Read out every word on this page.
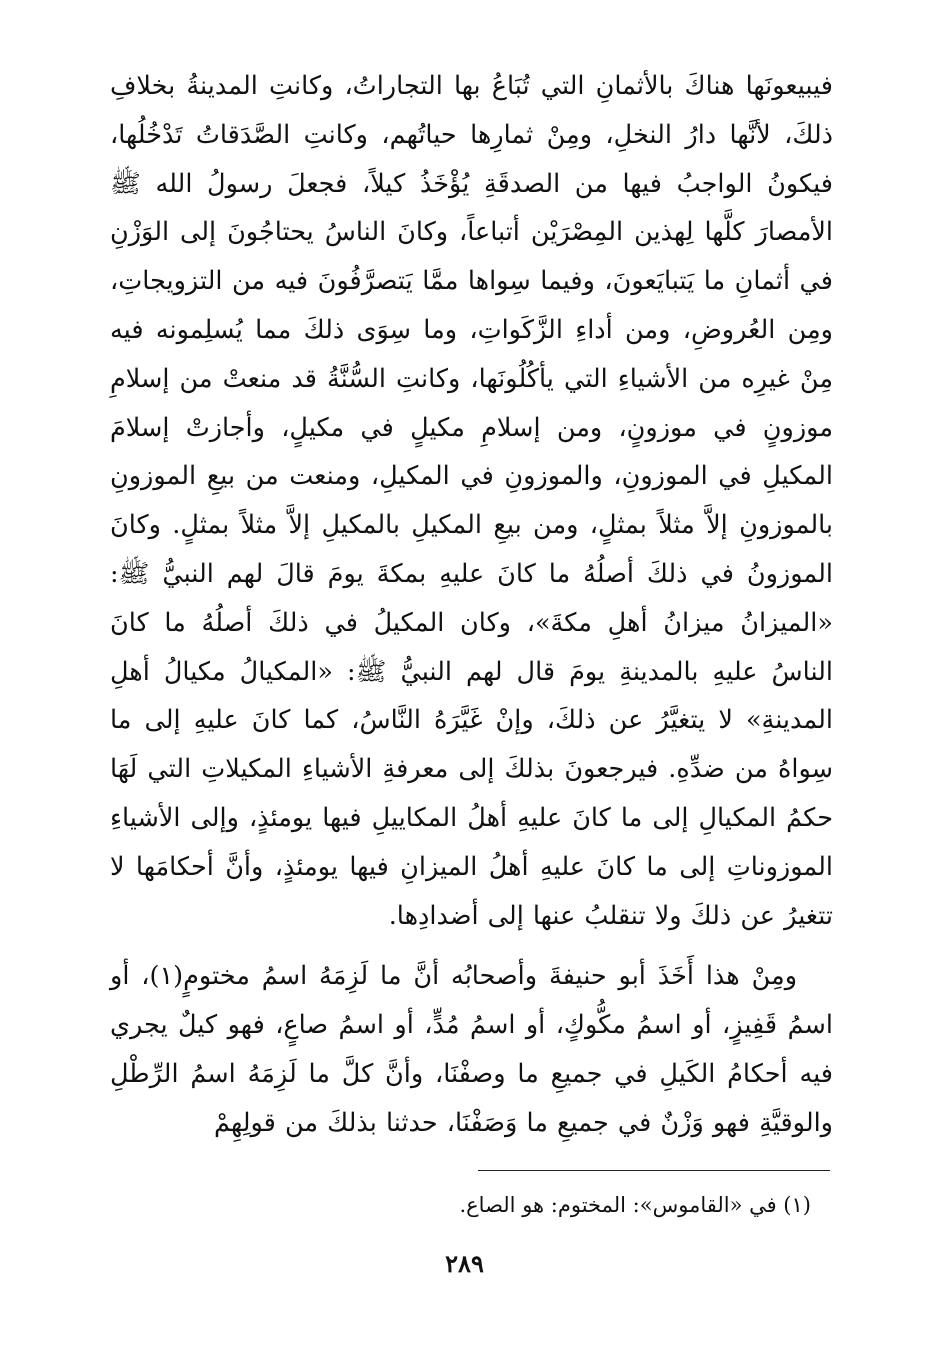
فيبيعونَها هناكَ بالأثمانِ التي تُبَاعُ بها التجاراتُ، وكانتِ المدينةُ بخلافِ ذلكَ، لأنَّها دارُ النخلِ، ومِنْ ثمارِها حياتُهم، وكانتِ الصَّدَقاتُ تَدْخُلُها، فيكونُ الواجبُ فيها من الصدقَةِ يُؤْخَذُ كيلاً، فجعلَ رسولُ الله ﷺ الأمصارَ كلَّها لِهذين المِصْرَيْن أتباعاً، وكانَ الناسُ يحتاجُونَ إلى الوَزْنِ في أثمانِ ما يَتبايَعونَ، وفيما سِواها ممَّا يَتصرَّفُونَ فيه من التزويجاتِ، ومِن العُروضِ، ومن أداءِ الزَّكَواتِ، وما سِوَى ذلكَ مما يُسلِمونه فيه مِنْ غيرِه من الأشياءِ التي يأكُلُونَها، وكانتِ السُّنَّةُ قد منعتْ من إسلامِ موزونٍ في موزونٍ، ومن إسلامِ مكيلٍ في مكيلٍ، وأجازتْ إسلامَ المكيلِ في الموزونِ، والموزونِ في المكيلِ، ومنعت من بيعِ الموزونِ بالموزونِ إلاَّ مثلاً بمثلٍ، ومن بيعِ المكيلِ بالمكيلِ إلاَّ مثلاً بمثلٍ. وكانَ الموزونُ في ذلكَ أصلُهُ ما كانَ عليهِ بمكةَ يومَ قالَ لهم النبيُّ ﷺ: «الميزانُ ميزانُ أهلِ مكةَ»، وكان المكيلُ في ذلكَ أصلُهُ ما كانَ الناسُ عليهِ بالمدينةِ يومَ قال لهم النبيُّ ﷺ: «المكيالُ مكيالُ أهلِ المدينةِ» لا يتغيَّرُ عن ذلكَ، وإنْ غَيَّرَهُ النَّاسُ، كما كانَ عليهِ إلى ما سِواهُ من ضدِّهِ. فيرجعونَ بذلكَ إلى معرفةِ الأشياءِ المكيلاتِ التي لَهَا حكمُ المكيالِ إلى ما كانَ عليهِ أهلُ المكاييلِ فيها يومئذٍ، وإلى الأشياءِ الموزوناتِ إلى ما كانَ عليهِ أهلُ الميزانِ فيها يومئذٍ، وأنَّ أحكامَها لا تتغيرُ عن ذلكَ ولا تنقلبُ عنها إلى أضدادِها.

ومِنْ هذا أَخَذَ أبو حنيفةَ وأصحابُه أنَّ ما لَزِمَهُ اسمُ مختومٍ(١)، أو اسمُ قَفِيزٍ، أو اسمُ مكُّوكٍ، أو اسمُ مُدٍّ، أو اسمُ صاعٍ، فهو كيلٌ يجري فيه أحكامُ الكَيلِ في جميعِ ما وصفْنَا، وأنَّ كلَّ ما لَزِمَهُ اسمُ الرِّطْلِ والوقيَّةِ فهو وَزْنٌ في جميعِ ما وَصَفْنَا، حدثنا بذلكَ من قولِهِمْ

(١) في «القاموس»: المختوم: هو الصاع.
٢٨٩
